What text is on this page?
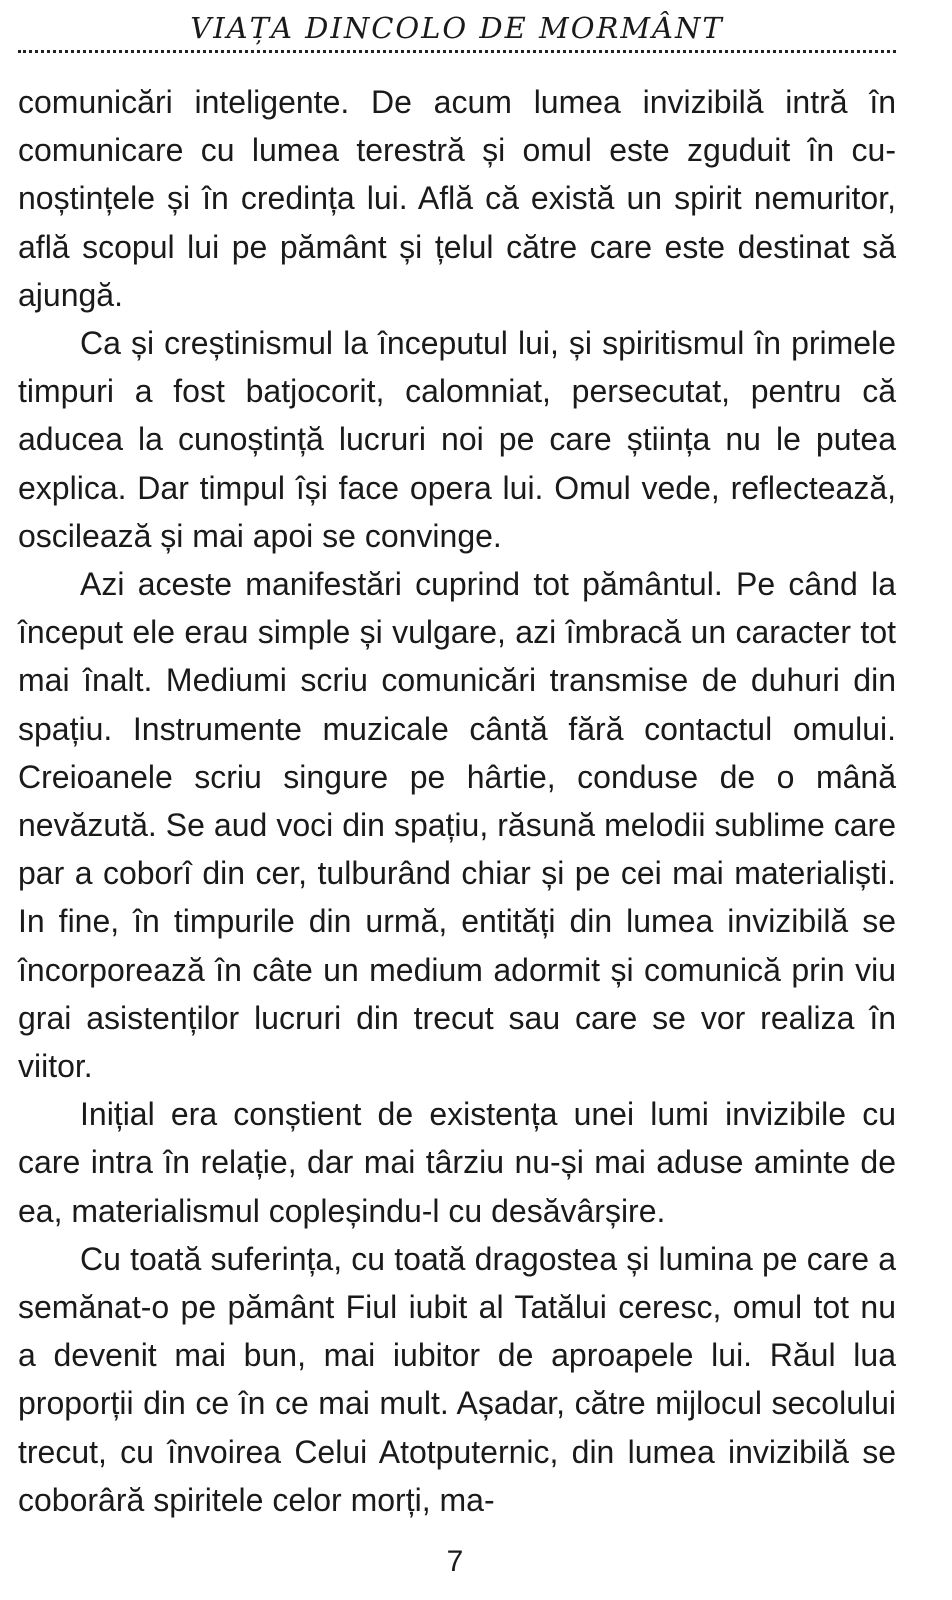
VIAȚA DINCOLO DE MORMÂNT

comunicări inteligente. De acum lumea invizibilă intră în comunicare cu lumea terestră și omul este zguduit în cunoștințele și în credința lui. Află că există un spirit nemuritor, află scopul lui pe pământ și țelul către care este destinat să ajungă.

Ca și creștinismul la începutul lui, și spiritismul în primele timpuri a fost batjocorit, calomniat, persecutat, pentru că aducea la cunoștință lucruri noi pe care știința nu le putea explica. Dar timpul își face opera lui. Omul vede, reflectează, oscilează și mai apoi se convinge.

Azi aceste manifestări cuprind tot pământul. Pe când la început ele erau simple și vulgare, azi îmbracă un caracter tot mai înalt. Mediumi scriu comunicări transmise de duhuri din spațiu. Instrumente muzicale cântă fără contactul omului. Creioanele scriu singure pe hârtie, conduse de o mână nevăzută. Se aud voci din spațiu, răsună melodii sublime care par a coborî din cer, tulburând chiar și pe cei mai materialiști. In fine, în timpurile din urmă, entități din lumea invizibilă se încorporează în câte un medium adormit și comunică prin viu grai asistenților lucruri din trecut sau care se vor realiza în viitor.

Inițial era conștient de existența unei lumi invizibile cu care intra în relație, dar mai târziu nu-și mai aduse aminte de ea, materialismul copleșindu-l cu desăvârșire.

Cu toată suferința, cu toată dragostea și lumina pe care a semănat-o pe pământ Fiul iubit al Tatălui ceresc, omul tot nu a devenit mai bun, mai iubitor de aproapele lui. Răul lua proporții din ce în ce mai mult. Așadar, către mijlocul secolului trecut, cu învoirea Celui Atotputernic, din lumea invizibilă se coborâră spiritele celor morți, ma-

7
